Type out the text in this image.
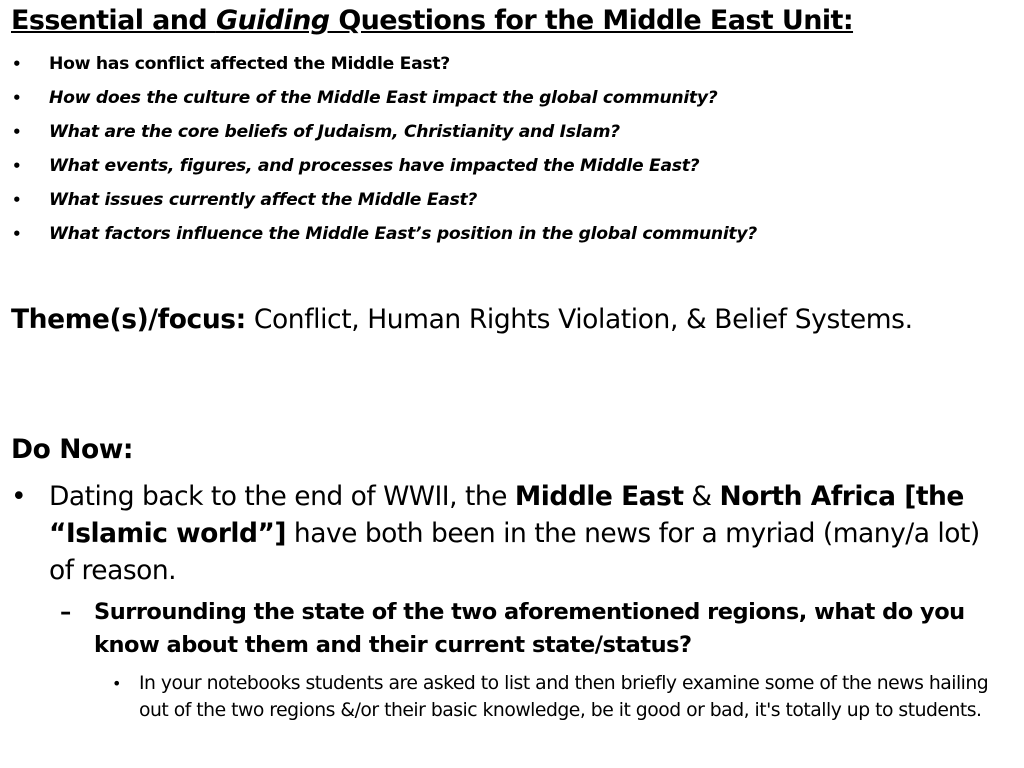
Essential and Guiding Questions for the Middle East Unit:
• How has conflict affected the Middle East?
• How does the culture of the Middle East impact the global community?
• What are the core beliefs of Judaism, Christianity and Islam?
• What events, figures, and processes have impacted the Middle East?
• What issues currently affect the Middle East?
• What factors influence the Middle East’s position in the global community?
Theme(s)/focus: Conflict, Human Rights Violation, & Belief Systems.
Do Now:
• Dating back to the end of WWII, the Middle East & North Africa [the “Islamic world”] have both been in the news for a myriad (many/a lot) of reason.
– Surrounding the state of the two aforementioned regions, what do you know about them and their current state/status?
• In your notebooks students are asked to list and then briefly examine some of the news hailing out of the two regions &/or their basic knowledge, be it good or bad, it's totally up to students.
